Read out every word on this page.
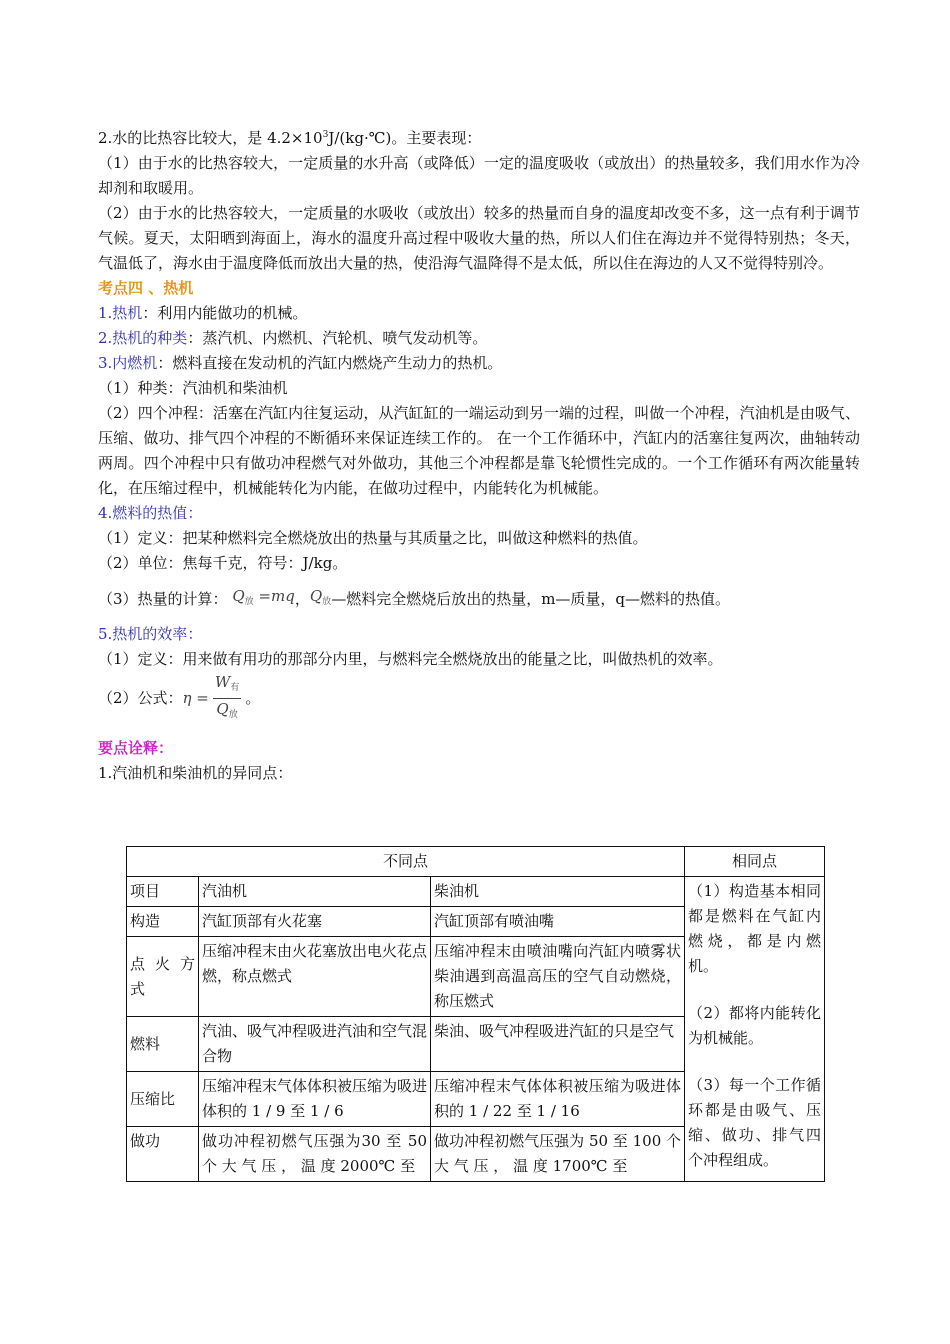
2.水的比热容比较大，是 $4.2\times 10^3J/(kg\cdot℃)$。主要表现：
（1）由于水的比热容较大，一定质量的水升高（或降低）一定的温度吸收（或放出）的热量较多，我们用水作为冷却剂和取暖用。
（2）由于水的比热容较大，一定质量的水吸收（或放出）较多的热量而自身的温度却改变不多，这一点有利于调节气候。夏天，太阳晒到海面上，海水的温度升高过程中吸收大量的热，所以人们住在海边并不觉得特别热；冬天，气温低了，海水由于温度降低而放出大量的热，使沿海气温降得不是太低，所以住在海边的人又不觉得特别冷。
考点四 、热机
1.热机：利用内能做功的机械。
2.热机的种类：蒸汽机、内燃机、汽轮机、喷气发动机等。
3.内燃机：燃料直接在发动机的汽缸内燃烧产生动力的热机。
（1）种类：汽油机和柴油机
（2）四个冲程：活塞在汽缸内往复运动，从汽缸缸的一端运动到另一端的过程，叫做一个冲程，汽油机是由吸气、压缩、做功、排气四个冲程的不断循环来保证连续工作的。 在一个工作循环中，汽缸内的活塞往复两次，曲轴转动两周。四个冲程中只有做功冲程燃气对外做功，其他三个冲程都是靠飞轮惯性完成的。一个工作循环有两次能量转化，在压缩过程中，机械能转化为内能，在做功过程中，内能转化为机械能。
4.燃料的热值：
（1）定义：把某种燃料完全燃烧放出的热量与其质量之比，叫做这种燃料的热值。
（2）单位：焦每千克，符号：J/kg。
（3）热量的计算： $Q_放 =mq$ ， $Q_放$ —燃料完全燃烧后放出的热量，m—质量，q—燃料的热值。
5.热机的效率：
（1）定义：用来做有用功的那部分内里，与燃料完全燃烧放出的能量之比，叫做热机的效率。
（2）公式： $\eta = \frac{W_有}{Q_放}$ 。
要点诠释：
1.汽油机和柴油机的异同点：
不同点			相同点
项目	汽油机	柴油机	（1）构造基本相同都是燃料在气缸内燃烧，都是内燃机。

（2）都将内能转化为机械能。

（3）每一个工作循环都是由吸气、压缩、做功、排气四个冲程组成。

构造	汽缸顶部有火花塞	汽缸顶部有喷油嘴	
点 火 方式	压缩冲程末由火花塞放出电火花点燃，称点燃式	压缩冲程末由喷油嘴向汽缸内喷雾状柴油遇到高温高压的空气自动燃烧，称压燃式	
燃料	汽油、吸气冲程吸进汽油和空气混合物	柴油、吸气冲程吸进汽缸的只是空气	
压缩比	压缩冲程末气体体积被压缩为吸进体积的 1 / 9 至 1 / 6	压缩冲程末气体体积被压缩为吸进体积的 1 / 22 至 1 / 16	
做功	做功冲程初燃气压强为30 至 50 个 大 气 压 ， 温 度 2000℃ 至	做功冲程初燃气压强为 50 至 100 个 大 气 压 ， 温 度 1700℃ 至	
